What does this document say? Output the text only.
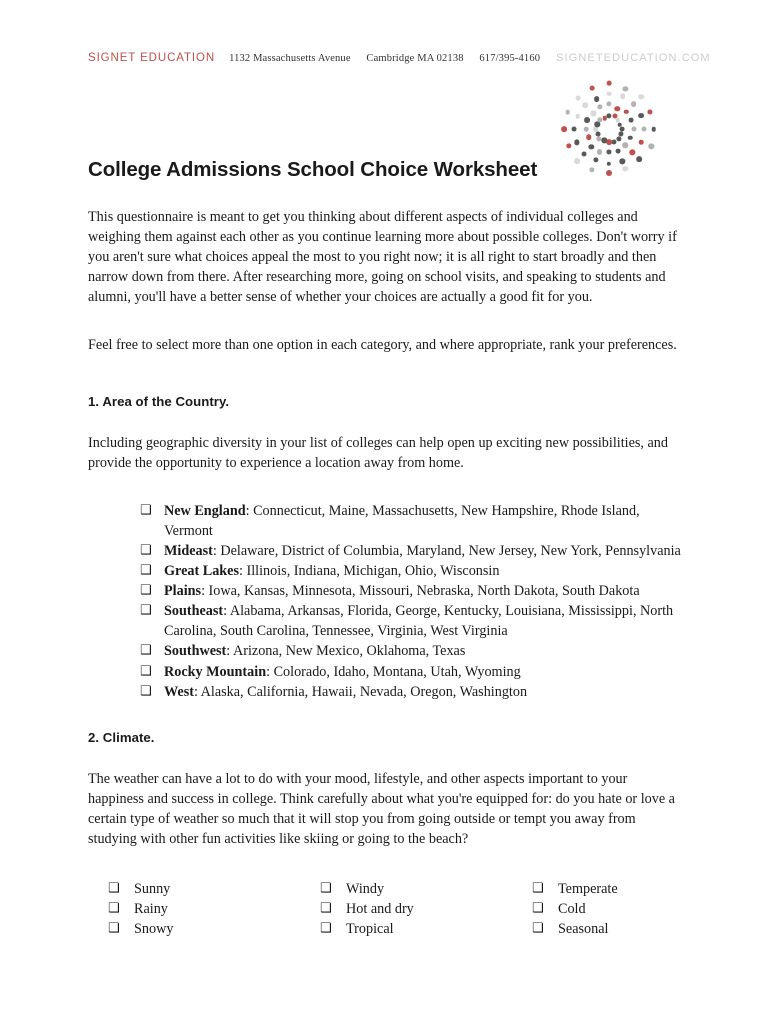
SIGNET EDUCATION 1132 Massachusetts Avenue Cambridge MA 02138 617/395-4160 SIGNETEDUCATION.COM
College Admissions School Choice Worksheet

This questionnaire is meant to get you thinking about different aspects of individual colleges and weighing them against each other as you continue learning more about possible colleges. Don't worry if you aren't sure what choices appeal the most to you right now; it is all right to start broadly and then narrow down from there. After researching more, going on school visits, and speaking to students and alumni, you'll have a better sense of whether your choices are actually a good fit for you.

Feel free to select more than one option in each category, and where appropriate, rank your preferences.

1. Area of the Country.

Including geographic diversity in your list of colleges can help open up exciting new possibilities, and provide the opportunity to experience a location away from home.

❑ New England: Connecticut, Maine, Massachusetts, New Hampshire, Rhode Island, Vermont
❑ Mideast: Delaware, District of Columbia, Maryland, New Jersey, New York, Pennsylvania
❑ Great Lakes: Illinois, Indiana, Michigan, Ohio, Wisconsin
❑ Plains: Iowa, Kansas, Minnesota, Missouri, Nebraska, North Dakota, South Dakota
❑ Southeast: Alabama, Arkansas, Florida, George, Kentucky, Louisiana, Mississippi, North Carolina, South Carolina, Tennessee, Virginia, West Virginia
❑ Southwest: Arizona, New Mexico, Oklahoma, Texas
❑ Rocky Mountain: Colorado, Idaho, Montana, Utah, Wyoming
❑ West: Alaska, California, Hawaii, Nevada, Oregon, Washington
2. Climate.

The weather can have a lot to do with your mood, lifestyle, and other aspects important to your happiness and success in college. Think carefully about what you're equipped for: do you hate or love a certain type of weather so much that it will stop you from going outside or tempt you away from studying with other fun activities like skiing or going to the beach?

❑ Sunny
❑ Rainy
❑ Snowy
❑ Windy
❑ Hot and dry
❑ Tropical
❑ Temperate
❑ Cold
❑ Seasonal
